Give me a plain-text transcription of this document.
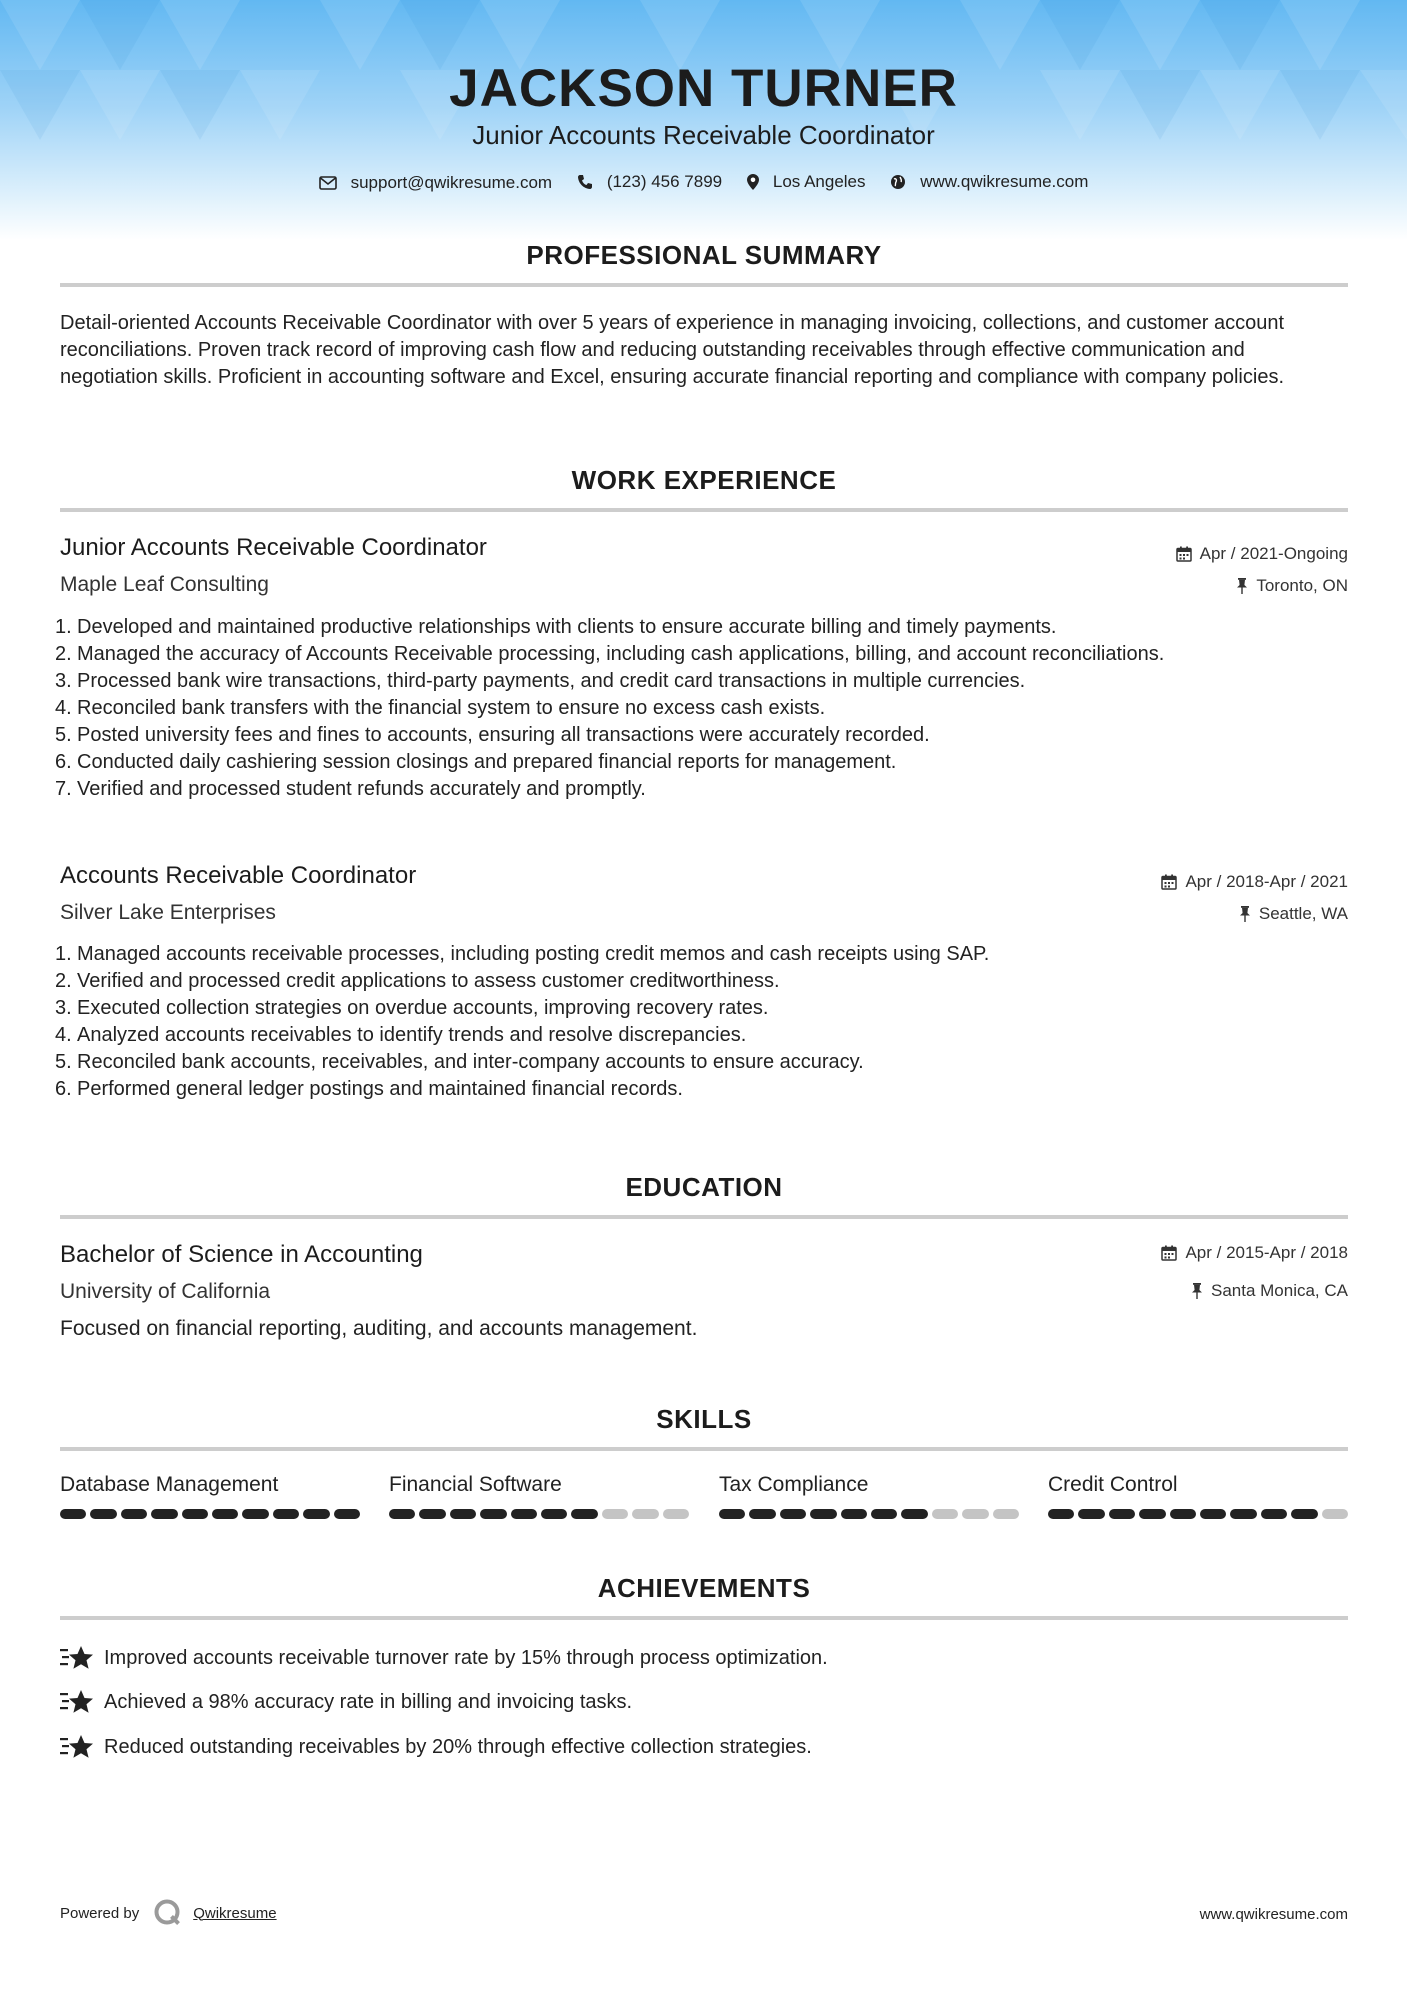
JACKSON TURNER
Junior Accounts Receivable Coordinator
support@qwikresume.com
	(123) 456 7899
	Los Angeles
	www.qwikresume.com
PROFESSIONAL SUMMARY
Detail-oriented Accounts Receivable Coordinator with over 5 years of experience in managing invoicing, collections, and customer account reconciliations. Proven track record of improving cash flow and reducing outstanding receivables through effective communication and negotiation skills. Proficient in accounting software and Excel, ensuring accurate financial reporting and compliance with company policies.
WORK EXPERIENCE
Junior Accounts Receivable Coordinator	Apr / 2021-Ongoing
Maple Leaf Consulting	Toronto, ON
1. Developed and maintained productive relationships with clients to ensure accurate billing and timely payments.
2. Managed the accuracy of Accounts Receivable processing, including cash applications, billing, and account reconciliations.
3. Processed bank wire transactions, third-party payments, and credit card transactions in multiple currencies.
4. Reconciled bank transfers with the financial system to ensure no excess cash exists.
5. Posted university fees and fines to accounts, ensuring all transactions were accurately recorded.
6. Conducted daily cashiering session closings and prepared financial reports for management.
7. Verified and processed student refunds accurately and promptly.
Accounts Receivable Coordinator	Apr / 2018-Apr / 2021
Silver Lake Enterprises	Seattle, WA
1. Managed accounts receivable processes, including posting credit memos and cash receipts using SAP.
2. Verified and processed credit applications to assess customer creditworthiness.
3. Executed collection strategies on overdue accounts, improving recovery rates.
4. Analyzed accounts receivables to identify trends and resolve discrepancies.
5. Reconciled bank accounts, receivables, and inter-company accounts to ensure accuracy.
6. Performed general ledger postings and maintained financial records.
EDUCATION
Bachelor of Science in Accounting	Apr / 2015-Apr / 2018
University of California	Santa Monica, CA
Focused on financial reporting, auditing, and accounts management.
SKILLS
Database Management	Financial Software	Tax Compliance	Credit Control
ACHIEVEMENTS
Improved accounts receivable turnover rate by 15% through process optimization.
Achieved a 98% accuracy rate in billing and invoicing tasks.
Reduced outstanding receivables by 20% through effective collection strategies.
Powered by	Qwikresume	www.qwikresume.com
